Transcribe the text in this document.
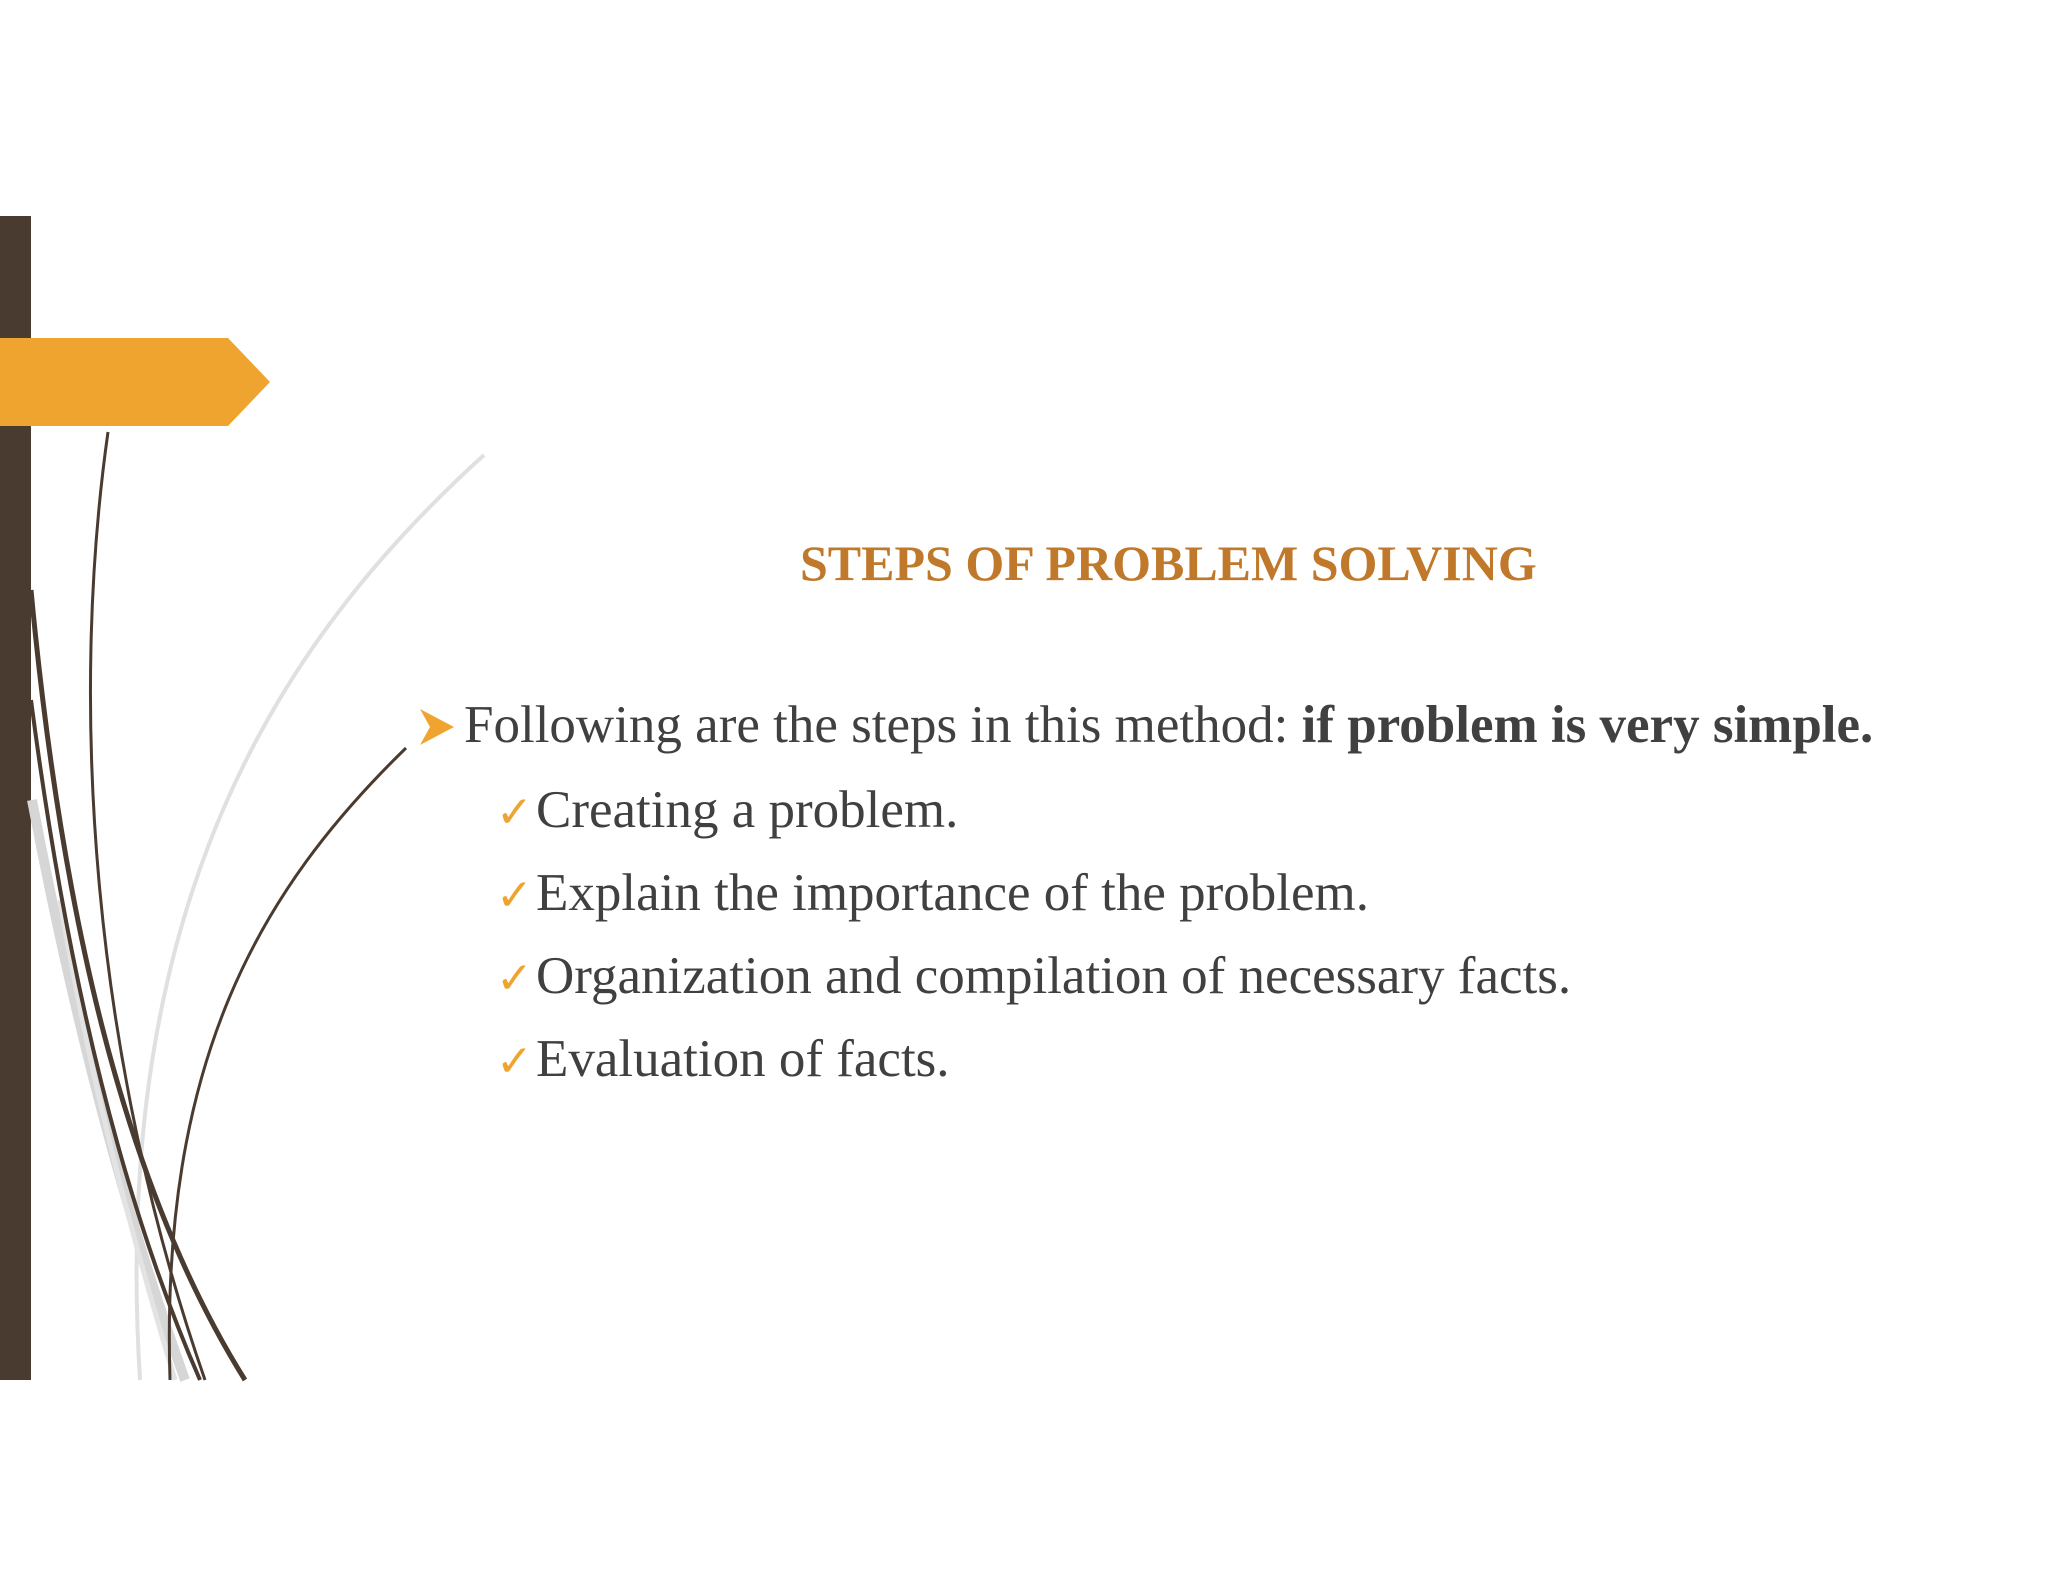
STEPS OF PROBLEM SOLVING
Following are the steps in this method: if problem is very simple.
✓ Creating a problem.
✓ Explain the importance of the problem.
✓ Organization and compilation of necessary facts.
✓ Evaluation of facts.
